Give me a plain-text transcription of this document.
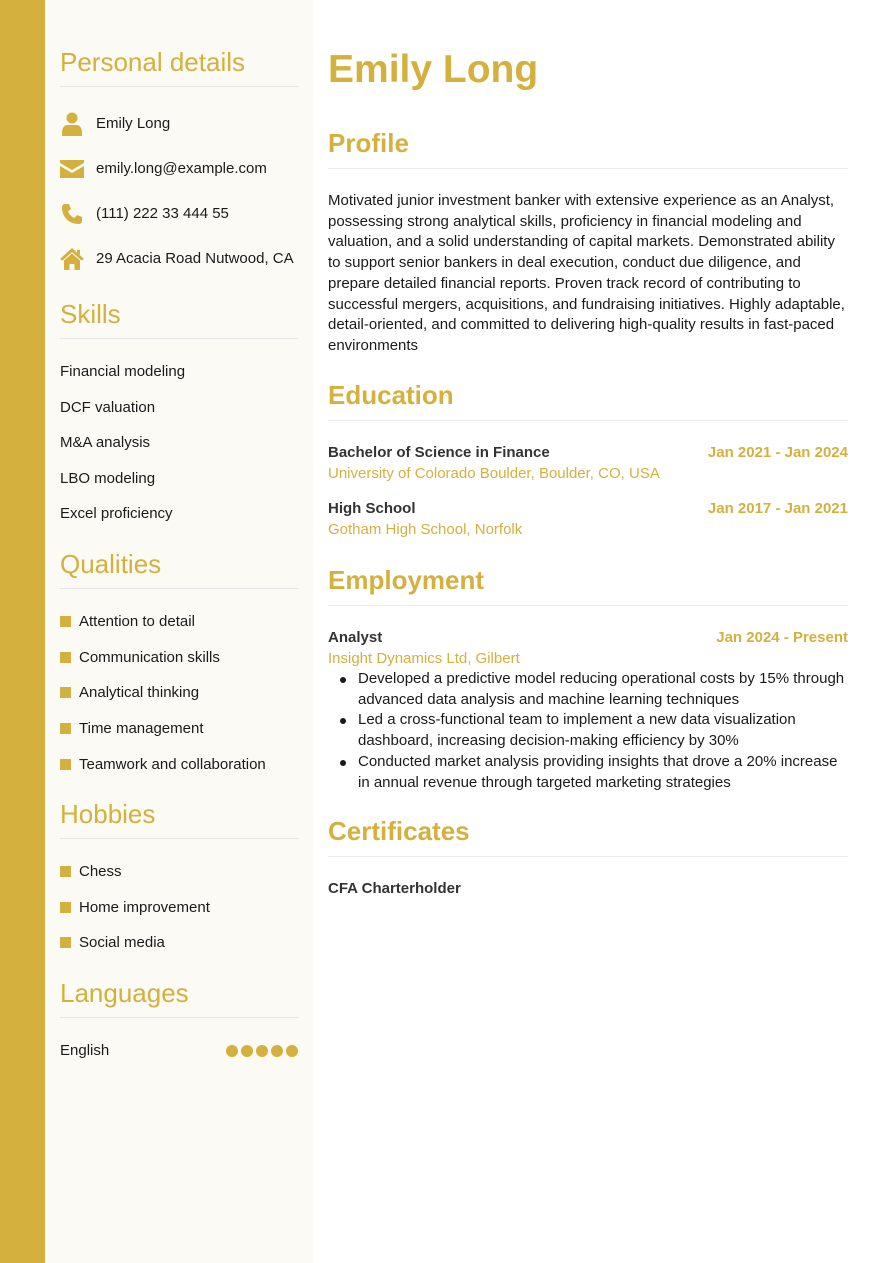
Personal details
Emily Long
emily.long@example.com
(111) 222 33 444 55
29 Acacia Road Nutwood, CA
Skills
Financial modeling
DCF valuation
M&A analysis
LBO modeling
Excel proficiency
Qualities
Attention to detail
Communication skills
Analytical thinking
Time management
Teamwork and collaboration
Hobbies
Chess
Home improvement
Social media
Languages
English
Emily Long
Profile

Motivated junior investment banker with extensive experience as an Analyst, possessing strong analytical skills, proficiency in financial modeling and valuation, and a solid understanding of capital markets. Demonstrated ability to support senior bankers in deal execution, conduct due diligence, and prepare detailed financial reports. Proven track record of contributing to successful mergers, acquisitions, and fundraising initiatives. Highly adaptable, detail-oriented, and committed to delivering high-quality results in fast-paced environments

Education
Bachelor of Science in Finance	Jan 2021 - Jan 2024
University of Colorado Boulder, Boulder, CO, USA
High School	Jan 2017 - Jan 2021
Gotham High School, Norfolk
Employment
Analyst	Jan 2024 - Present
Insight Dynamics Ltd, Gilbert
Developed a predictive model reducing operational costs by 15% through advanced data analysis and machine learning techniques
Led a cross-functional team to implement a new data visualization dashboard, increasing decision-making efficiency by 30%
Conducted market analysis providing insights that drove a 20% increase in annual revenue through targeted marketing strategies
Certificates
CFA Charterholder
